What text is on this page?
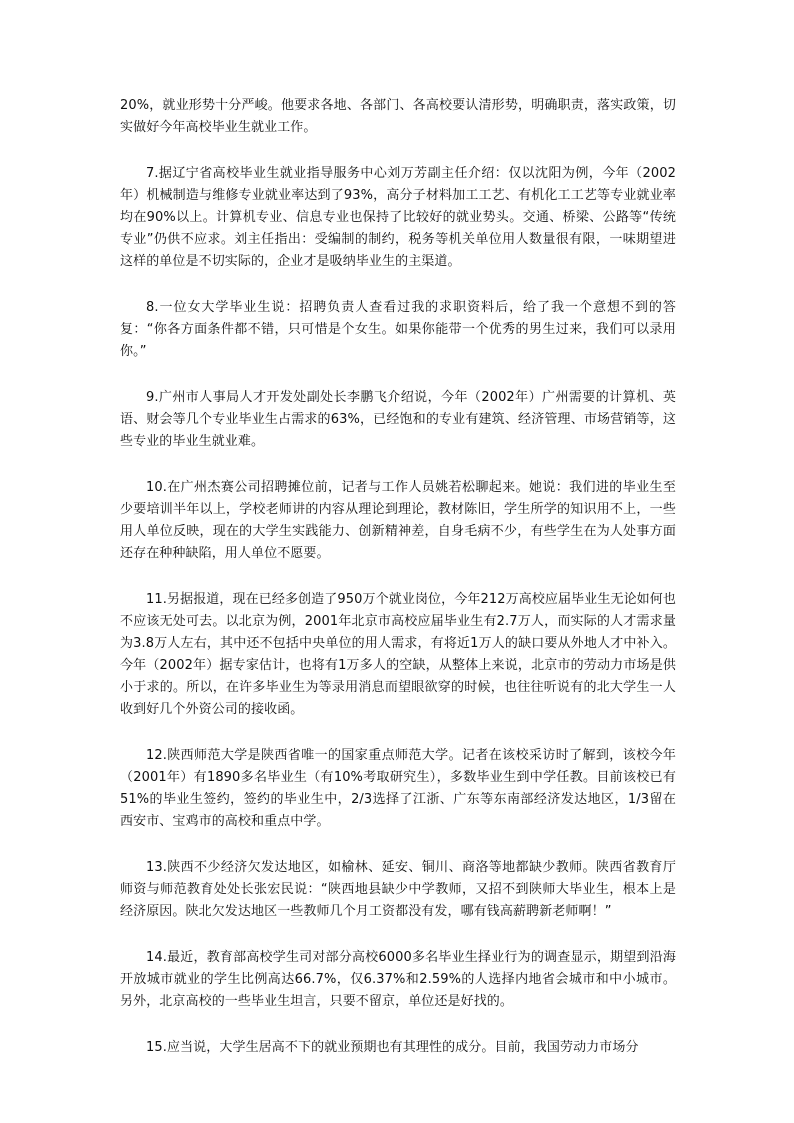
20%，就业形势十分严峻。他要求各地、各部门、各高校要认清形势，明确职责，落实政策，切实做好今年高校毕业生就业工作。

7.据辽宁省高校毕业生就业指导服务中心刘万芳副主任介绍：仅以沈阳为例，今年（2002年）机械制造与维修专业就业率达到了93%，高分子材料加工工艺、有机化工工艺等专业就业率均在90%以上。计算机专业、信息专业也保持了比较好的就业势头。交通、桥梁、公路等“传统专业”仍供不应求。刘主任指出：受编制的制约，税务等机关单位用人数量很有限，一味期望进这样的单位是不切实际的，企业才是吸纳毕业生的主渠道。

8.一位女大学毕业生说：招聘负责人查看过我的求职资料后，给了我一个意想不到的答复：“你各方面条件都不错，只可惜是个女生。如果你能带一个优秀的男生过来，我们可以录用你。”

9.广州市人事局人才开发处副处长李鹏飞介绍说，今年（2002年）广州需要的计算机、英语、财会等几个专业毕业生占需求的63%，已经饱和的专业有建筑、经济管理、市场营销等，这些专业的毕业生就业难。

10.在广州杰赛公司招聘摊位前，记者与工作人员姚若松聊起来。她说：我们进的毕业生至少要培训半年以上，学校老师讲的内容从理论到理论，教材陈旧，学生所学的知识用不上，一些用人单位反映，现在的大学生实践能力、创新精神差，自身毛病不少，有些学生在为人处事方面还存在种种缺陷，用人单位不愿要。

11.另据报道，现在已经多创造了950万个就业岗位，今年212万高校应届毕业生无论如何也不应该无处可去。以北京为例，2001年北京市高校应届毕业生有2.7万人，而实际的人才需求量为3.8万人左右，其中还不包括中央单位的用人需求，有将近1万人的缺口要从外地人才中补入。今年（2002年）据专家估计，也将有1万多人的空缺，从整体上来说，北京市的劳动力市场是供小于求的。所以，在许多毕业生为等录用消息而望眼欲穿的时候，也往往听说有的北大学生一人收到好几个外资公司的接收函。

12.陕西师范大学是陕西省唯一的国家重点师范大学。记者在该校采访时了解到，该校今年（2001年）有1890多名毕业生（有10%考取研究生），多数毕业生到中学任教。目前该校已有51%的毕业生签约，签约的毕业生中，2/3选择了江浙、广东等东南部经济发达地区，1/3留在西安市、宝鸡市的高校和重点中学。

13.陕西不少经济欠发达地区，如榆林、延安、铜川、商洛等地都缺少教师。陕西省教育厅师资与师范教育处处长张宏民说：“陕西地县缺少中学教师，又招不到陕师大毕业生，根本上是经济原因。陕北欠发达地区一些教师几个月工资都没有发，哪有钱高薪聘新老师啊！”

14.最近，教育部高校学生司对部分高校6000多名毕业生择业行为的调查显示，期望到沿海开放城市就业的学生比例高达66.7%，仅6.37%和2.59%的人选择内地省会城市和中小城市。另外，北京高校的一些毕业生坦言，只要不留京，单位还是好找的。

15.应当说，大学生居高不下的就业预期也有其理性的成分。目前，我国劳动力市场分
